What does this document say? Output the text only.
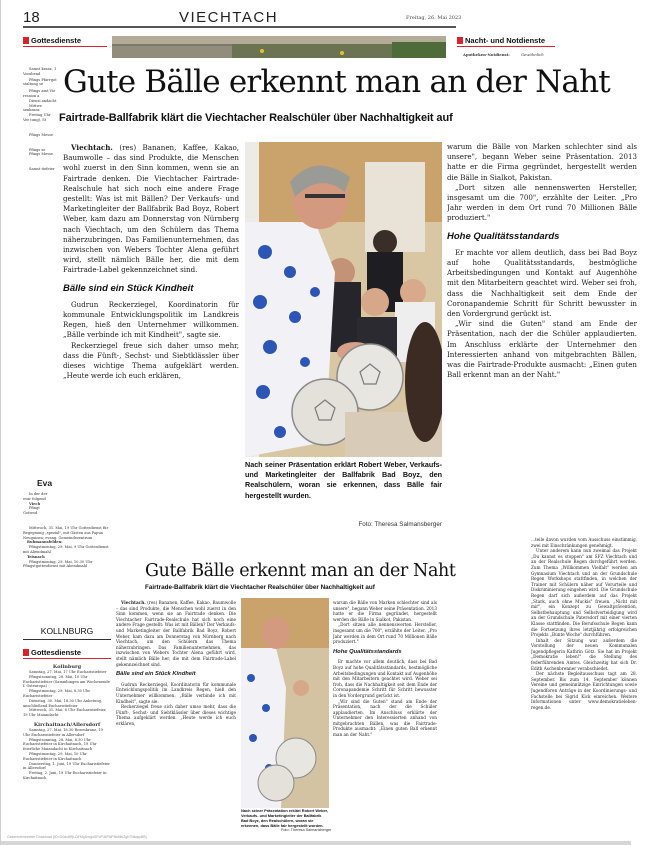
18	VIECHTACH	Freitag, 26. Mai 2023
Gottesdienste	Nacht- und Notdienste
Apotheken-Notdienst:	Gewöhnlich

Samst kranz, 1 Vorabend

Pfings Pfarrgot staltung se

Pfings amt Vie ression a

Diensi andacht

Mittwe senkranz

Freitag Uhr Ver tung), St

Pfings Messe

Pfings se

Pfings Messe

Samst tiefeier

Eva

In der der evar folgend

Viech

Pfingt Gottesd

Mittwoch, 31. Mai, 19 Uhr Gottesdienst für Begegnung „spezial", mit Gästen aus Papua Neuguinea; evang. Gemeindezentrum

Ruhmannsfelden:

Pfingstmontag, 29. Mai, 9 Uhr Gottesdienst mit Abendmahl

Teisnach

Pfingstmontag, 29. Mai, 10.30 Uhr Pfingstgottesdienst mit Abendmahl

KOLLNBURG
Gottesdienste
Kollnburg

Samstag, 27. Mai, 17 Uhr Eucharistiefeier

Pfingstsonntag, 28. Mai, 10 Uhr Eucharistiefeier (Sammlungen am Wochenende f. Osteuropa)

Pfingstmontag, 29. Mai, 8.30 Uhr Eucharistiefeier

Dienstag, 30. Mai, 18.30 Uhr Anbetung, anschließend Eucharistiefeier

Mittwoch, 31. Mai, 8 Uhr Eucharistiefeier, 19 Uhr Maiandacht

Kirchaitnach/Allersdorf

Samstag, 27. Mai, 18.30 Rosenkranz, 19 Uhr Eucharistiefeier in Allersdorf

Pfingstsonntag, 28. Mai, 8.30 Uhr Eucharistiefeier in Kirchaitnach, 19 Uhr feierliche Maiandacht in Kirchaitnach

Pfingstmontag, 29. Mai, 10 Uhr Eucharistiefeier in Kirchaitnach

Donnerstag, 1. Juni, 19 Uhr Eucharistiefeier in Allersdorf

Freitag, 2. Juni, 19 Uhr Eucharistiefeier in Kirchaitnach

Gute Bälle erkennt man an der Naht
Fairtrade-Ballfabrik klärt die Viechtacher Realschüler über Nachhaltigkeit auf

Viechtach. (res) Bananen, Kaffee, Kakao, Baumwolle – das sind Produkte, die Menschen wohl zuerst in den Sinn kommen, wenn sie an Fairtrade denken. Die Viechtacher Fairtrade-Realschule hat sich noch eine andere Frage gestellt: Was ist mit Bällen? Der Verkaufs- und Marketingleiter der Ballfabrik Bad Boyz, Robert Weber, kam dazu am Donnerstag von Nürnberg nach Viechtach, um den Schülern das Thema näherzubringen. Das Familienunternehmen, das inzwischen von Webers Tochter Alena geführt wird, stellt nämlich Bälle her, die mit dem Fairtrade-Label gekennzeichnet sind.

Bälle sind ein Stück Kindheit

Gudrun Reckerziegel, Koordinatorin für kommunale Entwicklungspolitik im Landkreis Regen, hieß den Unternehmer willkommen. „Bälle verbinde ich mit Kindheit", sagte sie.

Reckerziegel freue sich daher umso mehr, dass die Fünft-, Sechst- und Siebtklässler über dieses wichtige Thema aufgeklärt werden. „Heute werde ich euch erklären,

Nach seiner Präsentation erklärt Robert Weber, Verkaufs- und Marketingleiter der Ballfabrik Bad Boyz, den Realschülern, woran sie erkennen, dass Bälle fair hergestellt wurden.
Foto: Theresa Salmansberger

warum die Bälle von Marken schlechter sind als unsere", begann Weber seine Präsentation. 2013 hatte er die Firma gegründet, hergestellt werden die Bälle in Sialkot, Pakistan.

„Dort sitzen alle nennenswerten Hersteller, insgesamt um die 700", erzählte der Leiter. „Pro Jahr werden in dem Ort rund 70 Millionen Bälle produziert."

Hohe Qualitätsstandards

Er machte vor allem deutlich, dass bei Bad Boyz auf hohe Qualitätsstandards, bestmögliche Arbeitsbedingungen und Kontakt auf Augenhöhe mit den Mitarbeitern geachtet wird. Weber sei froh, dass die Nachhaltigkeit seit dem Ende der Coronapandemie Schritt für Schritt bewusster in den Vordergrund gerückt ist.

„Wir sind die Guten" stand am Ende der Präsentation, nach der die Schüler applaudierten. Im Anschluss erklärte der Unternehmer den Interessierten anhand von mitgebrachten Bällen, was die Fairtrade-Produkte ausmacht: „Einen guten Ball erkennt man an der Naht."

...teile davon wurden vom Ausschuss einstimmig, zwei mit Einschränkungen genehmigt.

Unter anderem kann nun zweimal das Projekt „Du kannst es stoppen" am SFZ Viechtach und an der Realschule Regen durchgeführt werden. Zum Thema „Willkommen Vielfalt" werden am Gymnasium Viechtach und an der Grundschule Regen Workshops stattfinden, in welchen der Trainer mit Schülern näher auf Vorurteile und Diskriminierung eingehen wird. Die Grundschule Regen darf sich außerdem auf das Projekt „Stark, auch ohne Muckis" freuen. „Nicht mit mir", ein Konzept zu Gewaltprävention, Selbstbehauptung und Selbstverteidigung wird an der Grundschule Patersdorf mit einer vierten Klasse stattfinden. Die Berufsschule Regen kann die Fortsetzung ihres letztjährig erfolgreichen Projekts „Bunte Woche" durchführen.

Inhalt der Sitzung war außerdem die Vorstellung der neuen Kommunalen Jugendpflegerin Kathrin Götz. Sie hat im Projekt „Demokratie leben!" die Stellung des federführenden Amtes. Gleichzeitig hat sich Dr. Edith Aschenbrenner verabschiedet.

Der nächste Begleitausschuss tagt am 28. September. Bis zum 14. September können Vereine und gemeinnützige Einrichtungen sowie Jugendforen Anträge in der Koordinierungs- und Fachstelle bei Sigrid Kick einreichen. Weitere Informationen unter www.demokratieleben-regen.de.

Gute Bälle erkennt man an der Naht
Fairtrade-Ballfabrik klärt die Viechtacher Realschüler über Nachhaltigkeit auf

Viechtach. (res) Bananen, Kaffee, Kakao, Baumwolle – das sind Produkte, die Menschen wohl zuerst in den Sinn kommen, wenn sie an Fairtrade denken. Die Viechtacher Fairtrade-Realschule hat sich noch eine andere Frage gestellt: Was ist mit Bällen? Der Verkaufs- und Marketingleiter der Ballfabrik Bad Boyz, Robert Weber, kam dazu am Donnerstag von Nürnberg nach Viechtach, um den Schülern das Thema näherzubringen. Das Familienunternehmen, das inzwischen von Webers Tochter Alena geführt wird, stellt nämlich Bälle her, die mit dem Fairtrade-Label gekennzeichnet sind.

Bälle sind ein Stück Kindheit

Gudrun Reckerziegel, Koordinatorin für kommunale Entwicklungspolitik im Landkreis Regen, hieß den Unternehmer willkommen. „Bälle verbinde ich mit Kindheit", sagte sie.

Reckerziegel freue sich daher umso mehr, dass die Fünft-, Sechst- und Siebtklässler über dieses wichtige Thema aufgeklärt werden. „Heute werde ich euch erklären,

Nach seiner Präsentation erklärt Robert Weber, Verkaufs- und Marketingleiter der Ballfabrik Bad Boyz, den Realschülern, woran sie erkennen, dass Bälle fair hergestellt wurden.
Foto: Theresa Salmansberger

warum die Bälle von Marken schlechter sind als unsere", begann Weber seine Präsentation. 2013 hatte er die Firma gegründet, hergestellt werden die Bälle in Sialkot, Pakistan.

„Dort sitzen alle nennenswerten Hersteller, insgesamt um die 700", erzählte der Leiter. „Pro Jahr werden in dem Ort rund 70 Millionen Bälle produziert."

Hohe Qualitätsstandards

Er machte vor allem deutlich, dass bei Bad Boyz auf hohe Qualitätsstandards, bestmögliche Arbeitsbedingungen und Kontakt auf Augenhöhe mit den Mitarbeitern geachtet wird. Weber sei froh, dass die Nachhaltigkeit seit dem Ende der Coronapandemie Schritt für Schritt bewusster in den Vordergrund gerückt ist.

„Wir sind die Guten" stand am Ende der Präsentation, nach der die Schüler applaudierten. Im Anschluss erklärte der Unternehmer den Interessierten anhand von mitgebrachten Bällen, was die Fairtrade-Produkte ausmacht: „Einen guten Ball erkennt man an der Naht."

Gekennzeichneter Download (ID=G0ac8RjLDFMgDmgoSFdPJ6PNP5bMtkZgh7NkqsyBB)
